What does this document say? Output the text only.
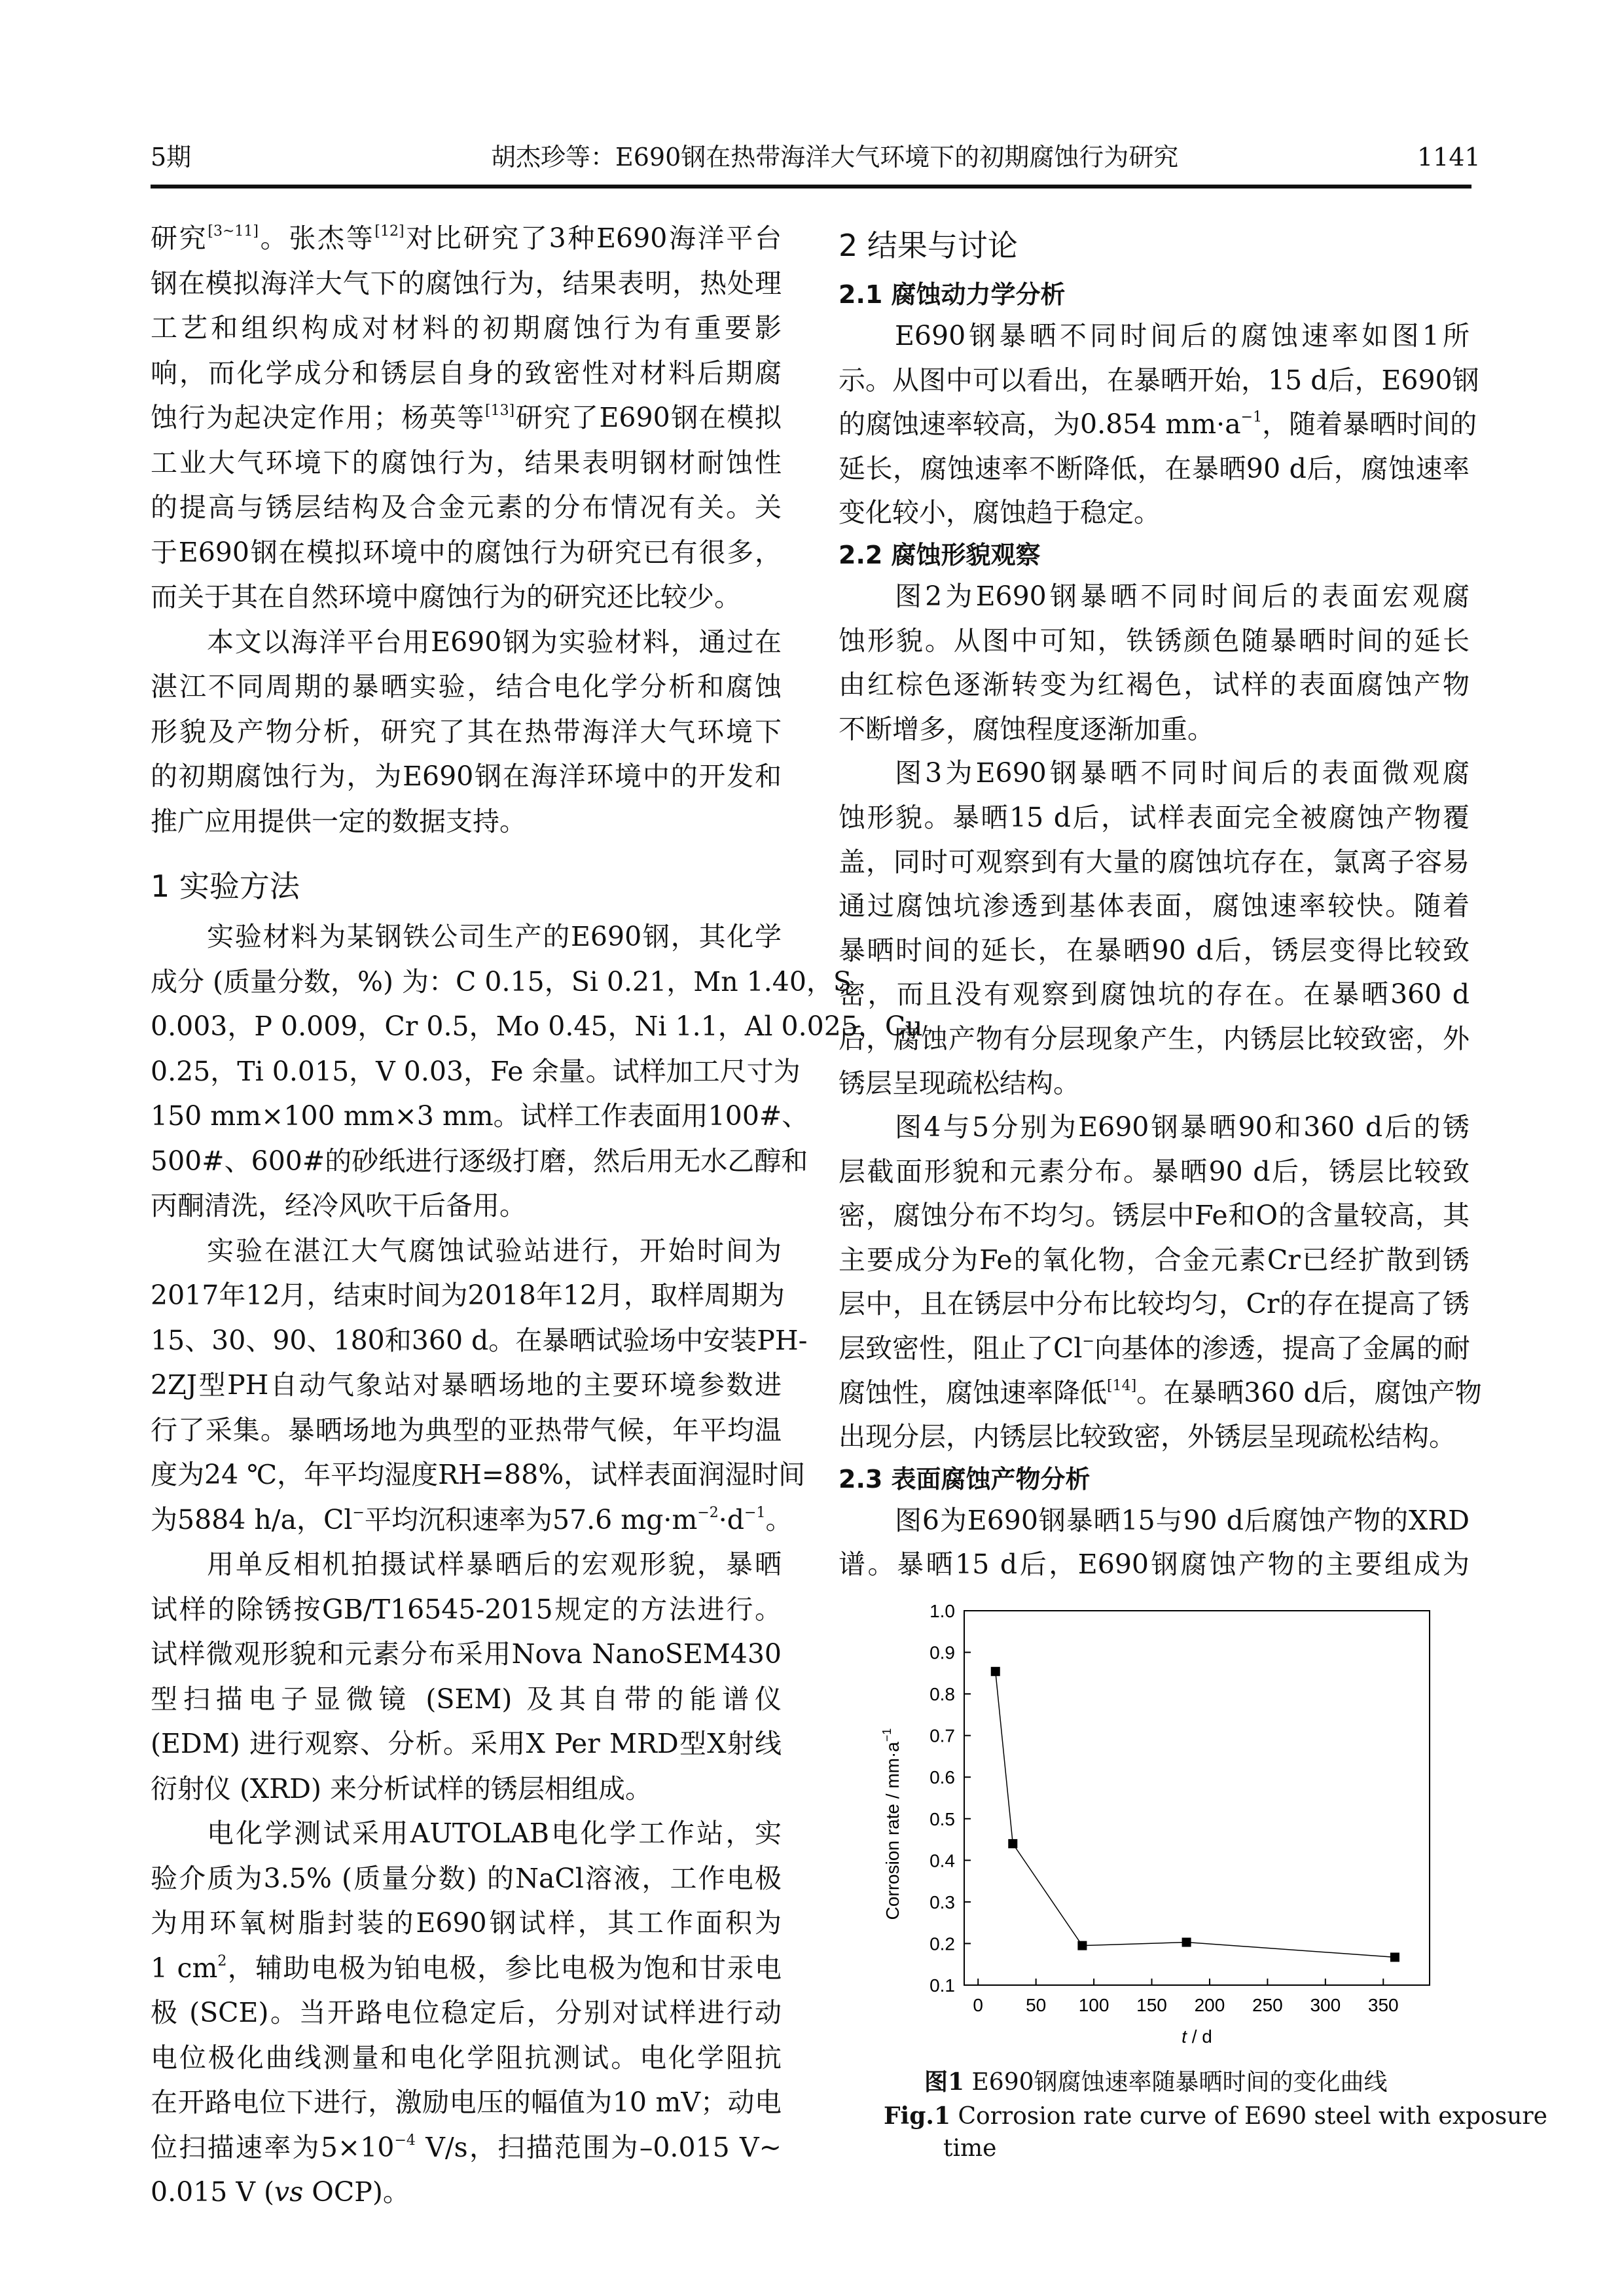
5期	胡杰珍等：E690钢在热带海洋大气环境下的初期腐蚀行为研究	1141
研究[3~11]。张杰等[12]对比研究了3种E690海洋平台
钢在模拟海洋大气下的腐蚀行为，结果表明，热处理
工艺和组织构成对材料的初期腐蚀行为有重要影
响，而化学成分和锈层自身的致密性对材料后期腐
蚀行为起决定作用；杨英等[13]研究了E690钢在模拟
工业大气环境下的腐蚀行为，结果表明钢材耐蚀性
的提高与锈层结构及合金元素的分布情况有关。关
于E690钢在模拟环境中的腐蚀行为研究已有很多，
而关于其在自然环境中腐蚀行为的研究还比较少。
本文以海洋平台用E690钢为实验材料，通过在
湛江不同周期的暴晒实验，结合电化学分析和腐蚀
形貌及产物分析，研究了其在热带海洋大气环境下
的初期腐蚀行为，为E690钢在海洋环境中的开发和
推广应用提供一定的数据支持。
1 实验方法
实验材料为某钢铁公司生产的E690钢，其化学
成分 (质量分数，%) 为：C 0.15，Si 0.21，Mn 1.40，S
0.003，P 0.009，Cr 0.5，Mo 0.45，Ni 1.1，Al 0.025，Cu
0.25，Ti 0.015，V 0.03，Fe 余量。试样加工尺寸为
150 mm×100 mm×3 mm。试样工作表面用100#、
500#、600#的砂纸进行逐级打磨，然后用无水乙醇和
丙酮清洗，经冷风吹干后备用。
实验在湛江大气腐蚀试验站进行，开始时间为
2017年12月，结束时间为2018年12月，取样周期为
15、30、90、180和360 d。在暴晒试验场中安装PH-
2ZJ型PH自动气象站对暴晒场地的主要环境参数进
行了采集。暴晒场地为典型的亚热带气候，年平均温
度为24 ℃，年平均湿度RH=88%，试样表面润湿时间
为5884 h/a，Cl−平均沉积速率为57.6 $mg\cdot m^{-2}\cdot d^{-1}$。
用单反相机拍摄试样暴晒后的宏观形貌，暴晒
试样的除锈按GB/T16545-2015规定的方法进行。
试样微观形貌和元素分布采用Nova NanoSEM430
型扫描电子显微镜 (SEM) 及其自带的能谱仪
(EDM) 进行观察、分析。采用X Per MRD型X射线
衍射仪 (XRD) 来分析试样的锈层相组成。
电化学测试采用AUTOLAB电化学工作站，实
验介质为3.5% (质量分数) 的NaCl溶液，工作电极
为用环氧树脂封装的E690钢试样，其工作面积为
1 $cm^2$，辅助电极为铂电极，参比电极为饱和甘汞电
极 (SCE)。当开路电位稳定后，分别对试样进行动
电位极化曲线测量和电化学阻抗测试。电化学阻抗
在开路电位下进行，激励电压的幅值为10 mV；动电
位扫描速率为$5\times 10^{-4}$ V/s，扫描范围为–0.015 V~
0.015 V (vs OCP)。
2 结果与讨论
2.1 腐蚀动力学分析
E690钢暴晒不同时间后的腐蚀速率如图1所
示。从图中可以看出，在暴晒开始，15 d后，E690钢
的腐蚀速率较高，为0.854 $mm\cdot a^{-1}$，随着暴晒时间的
延长，腐蚀速率不断降低，在暴晒90 d后，腐蚀速率
变化较小，腐蚀趋于稳定。
2.2 腐蚀形貌观察
图2为E690钢暴晒不同时间后的表面宏观腐
蚀形貌。从图中可知，铁锈颜色随暴晒时间的延长
由红棕色逐渐转变为红褐色，试样的表面腐蚀产物
不断增多，腐蚀程度逐渐加重。
图3为E690钢暴晒不同时间后的表面微观腐
蚀形貌。暴晒15 d后，试样表面完全被腐蚀产物覆
盖，同时可观察到有大量的腐蚀坑存在，氯离子容易
通过腐蚀坑渗透到基体表面，腐蚀速率较快。随着
暴晒时间的延长，在暴晒90 d后，锈层变得比较致
密，而且没有观察到腐蚀坑的存在。在暴晒360 d
后，腐蚀产物有分层现象产生，内锈层比较致密，外
锈层呈现疏松结构。
图4与5分别为E690钢暴晒90和360 d后的锈
层截面形貌和元素分布。暴晒90 d后，锈层比较致
密，腐蚀分布不均匀。锈层中Fe和O的含量较高，其
主要成分为Fe的氧化物，合金元素Cr已经扩散到锈
层中，且在锈层中分布比较均匀，Cr的存在提高了锈
层致密性，阻止了Cl−向基体的渗透，提高了金属的耐
腐蚀性，腐蚀速率降低[14]。在暴晒360 d后，腐蚀产物
出现分层，内锈层比较致密，外锈层呈现疏松结构。
2.3 表面腐蚀产物分析
图6为E690钢暴晒15与90 d后腐蚀产物的XRD
谱。暴晒15 d后，E690钢腐蚀产物的主要组成为
0.1
0.2
0.3
0.4
0.5
0.6
0.7
0.8
0.9
1.0
0 50 100 150 200 250 300 350
t / d
Corrosion rate / $mm\cdot a^{-1}$
图1 E690钢腐蚀速率随暴晒时间的变化曲线
Fig.1 Corrosion rate curve of E690 steel with exposure
time
